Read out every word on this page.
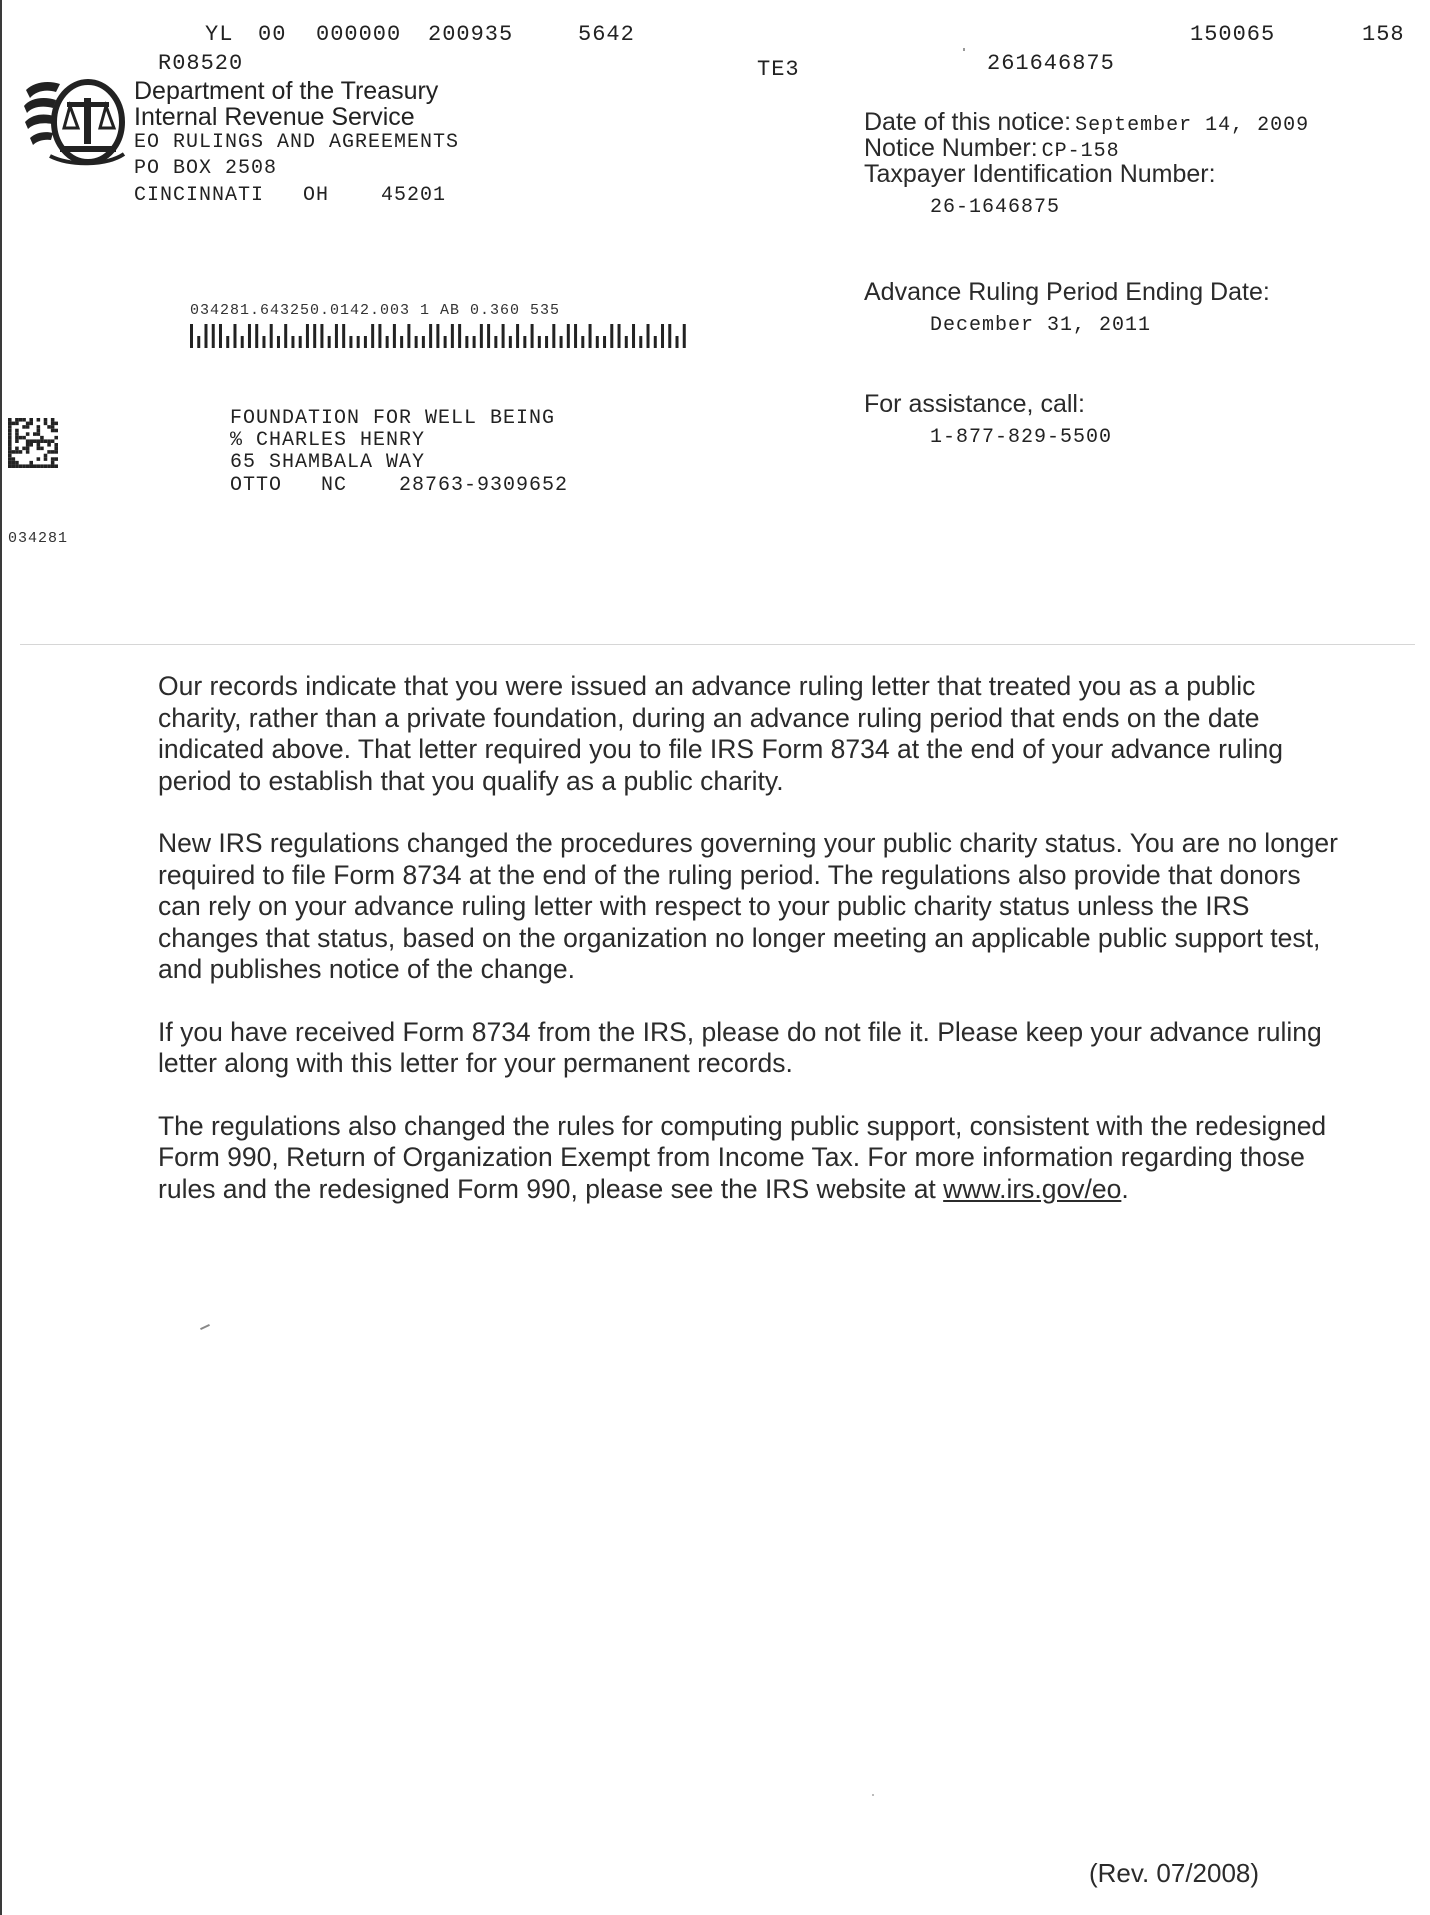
YL 00 000000 200935	5642	150065	158
R08520	TE3	261646875
Department of the Treasury
Internal Revenue Service
EO RULINGS AND AGREEMENTS
PO BOX 2508
CINCINNATI   OH    45201
Date of this notice: September 14, 2009
Notice Number: CP-158
Taxpayer Identification Number:
26-1646875
Advance Ruling Period Ending Date:
December 31, 2011
For assistance, call:
1-877-829-5500
034281.643250.0142.003 1 AB 0.360 535
FOUNDATION FOR WELL BEING
% CHARLES HENRY
65 SHAMBALA WAY
OTTO   NC    28763-9309652
034281

Our records indicate that you were issued an advance ruling letter that treated you as a public charity, rather than a private foundation, during an advance ruling period that ends on the date indicated above. That letter required you to file IRS Form 8734 at the end of your advance ruling period to establish that you qualify as a public charity.

New IRS regulations changed the procedures governing your public charity status. You are no longer required to file Form 8734 at the end of the ruling period. The regulations also provide that donors can rely on your advance ruling letter with respect to your public charity status unless the IRS changes that status, based on the organization no longer meeting an applicable public support test, and publishes notice of the change.

If you have received Form 8734 from the IRS, please do not file it. Please keep your advance ruling letter along with this letter for your permanent records.

The regulations also changed the rules for computing public support, consistent with the redesigned Form 990, Return of Organization Exempt from Income Tax. For more information regarding those rules and the redesigned Form 990, please see the IRS website at www.irs.gov/eo.

(Rev. 07/2008)
